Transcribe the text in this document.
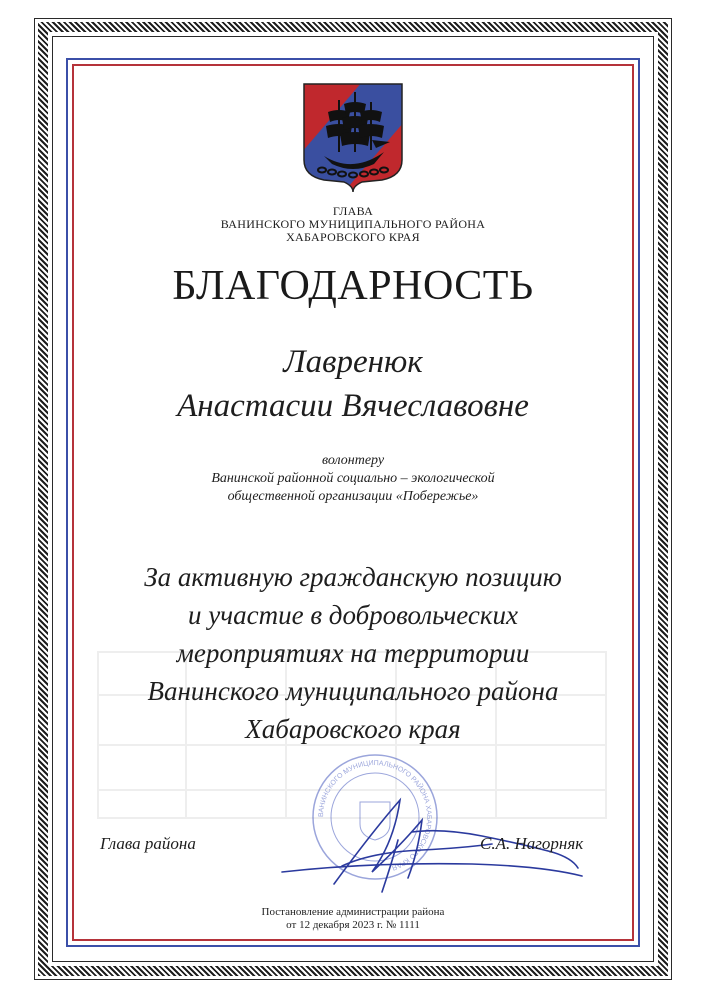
ГЛАВА
ВАНИНСКОГО МУНИЦИПАЛЬНОГО РАЙОНА
ХАБАРОВСКОГО КРАЯ
БЛАГОДАРНОСТЬ
Лавренюк
Анастасии Вячеславовне
волонтеру
Ванинской районной социально – экологической
общественной организации «Побережье»
За активную гражданскую позицию
и участие в добровольческих
мероприятиях на территории
Ванинского муниципального района
Хабаровского края
ВАНИНСКОГО МУНИЦИПАЛЬНОГО РАЙОНА ХАБАРОВСКОГО КРАЯ
Глава района	С.А. Нагорняк
Постановление администрации района
от 12 декабря 2023 г. № 1111
